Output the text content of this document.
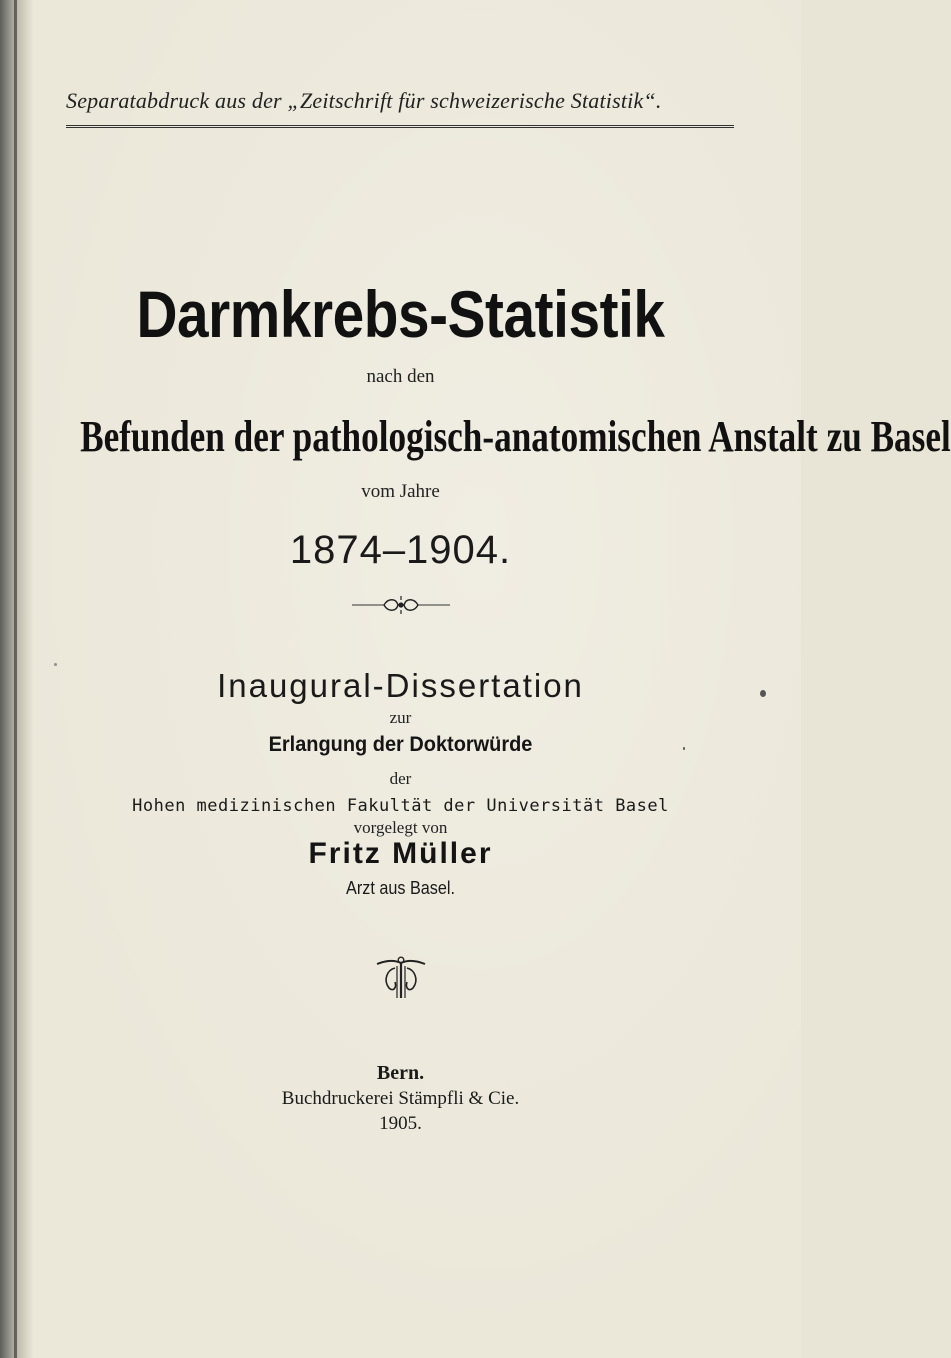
Separatabdruck aus der „Zeitschrift für schweizerische Statistik“.
Darmkrebs-Statistik
nach den
Befunden der pathologisch-anatomischen Anstalt zu Basel
vom Jahre
1874–1904.
Inaugural-Dissertation
zur
Erlangung der Doktorwürde
der
Hohen medizinischen Fakultät der Universität Basel
vorgelegt von
Fritz Müller
Arzt aus Basel.
Bern.
Buchdruckerei Stämpfli & Cie.
1905.
